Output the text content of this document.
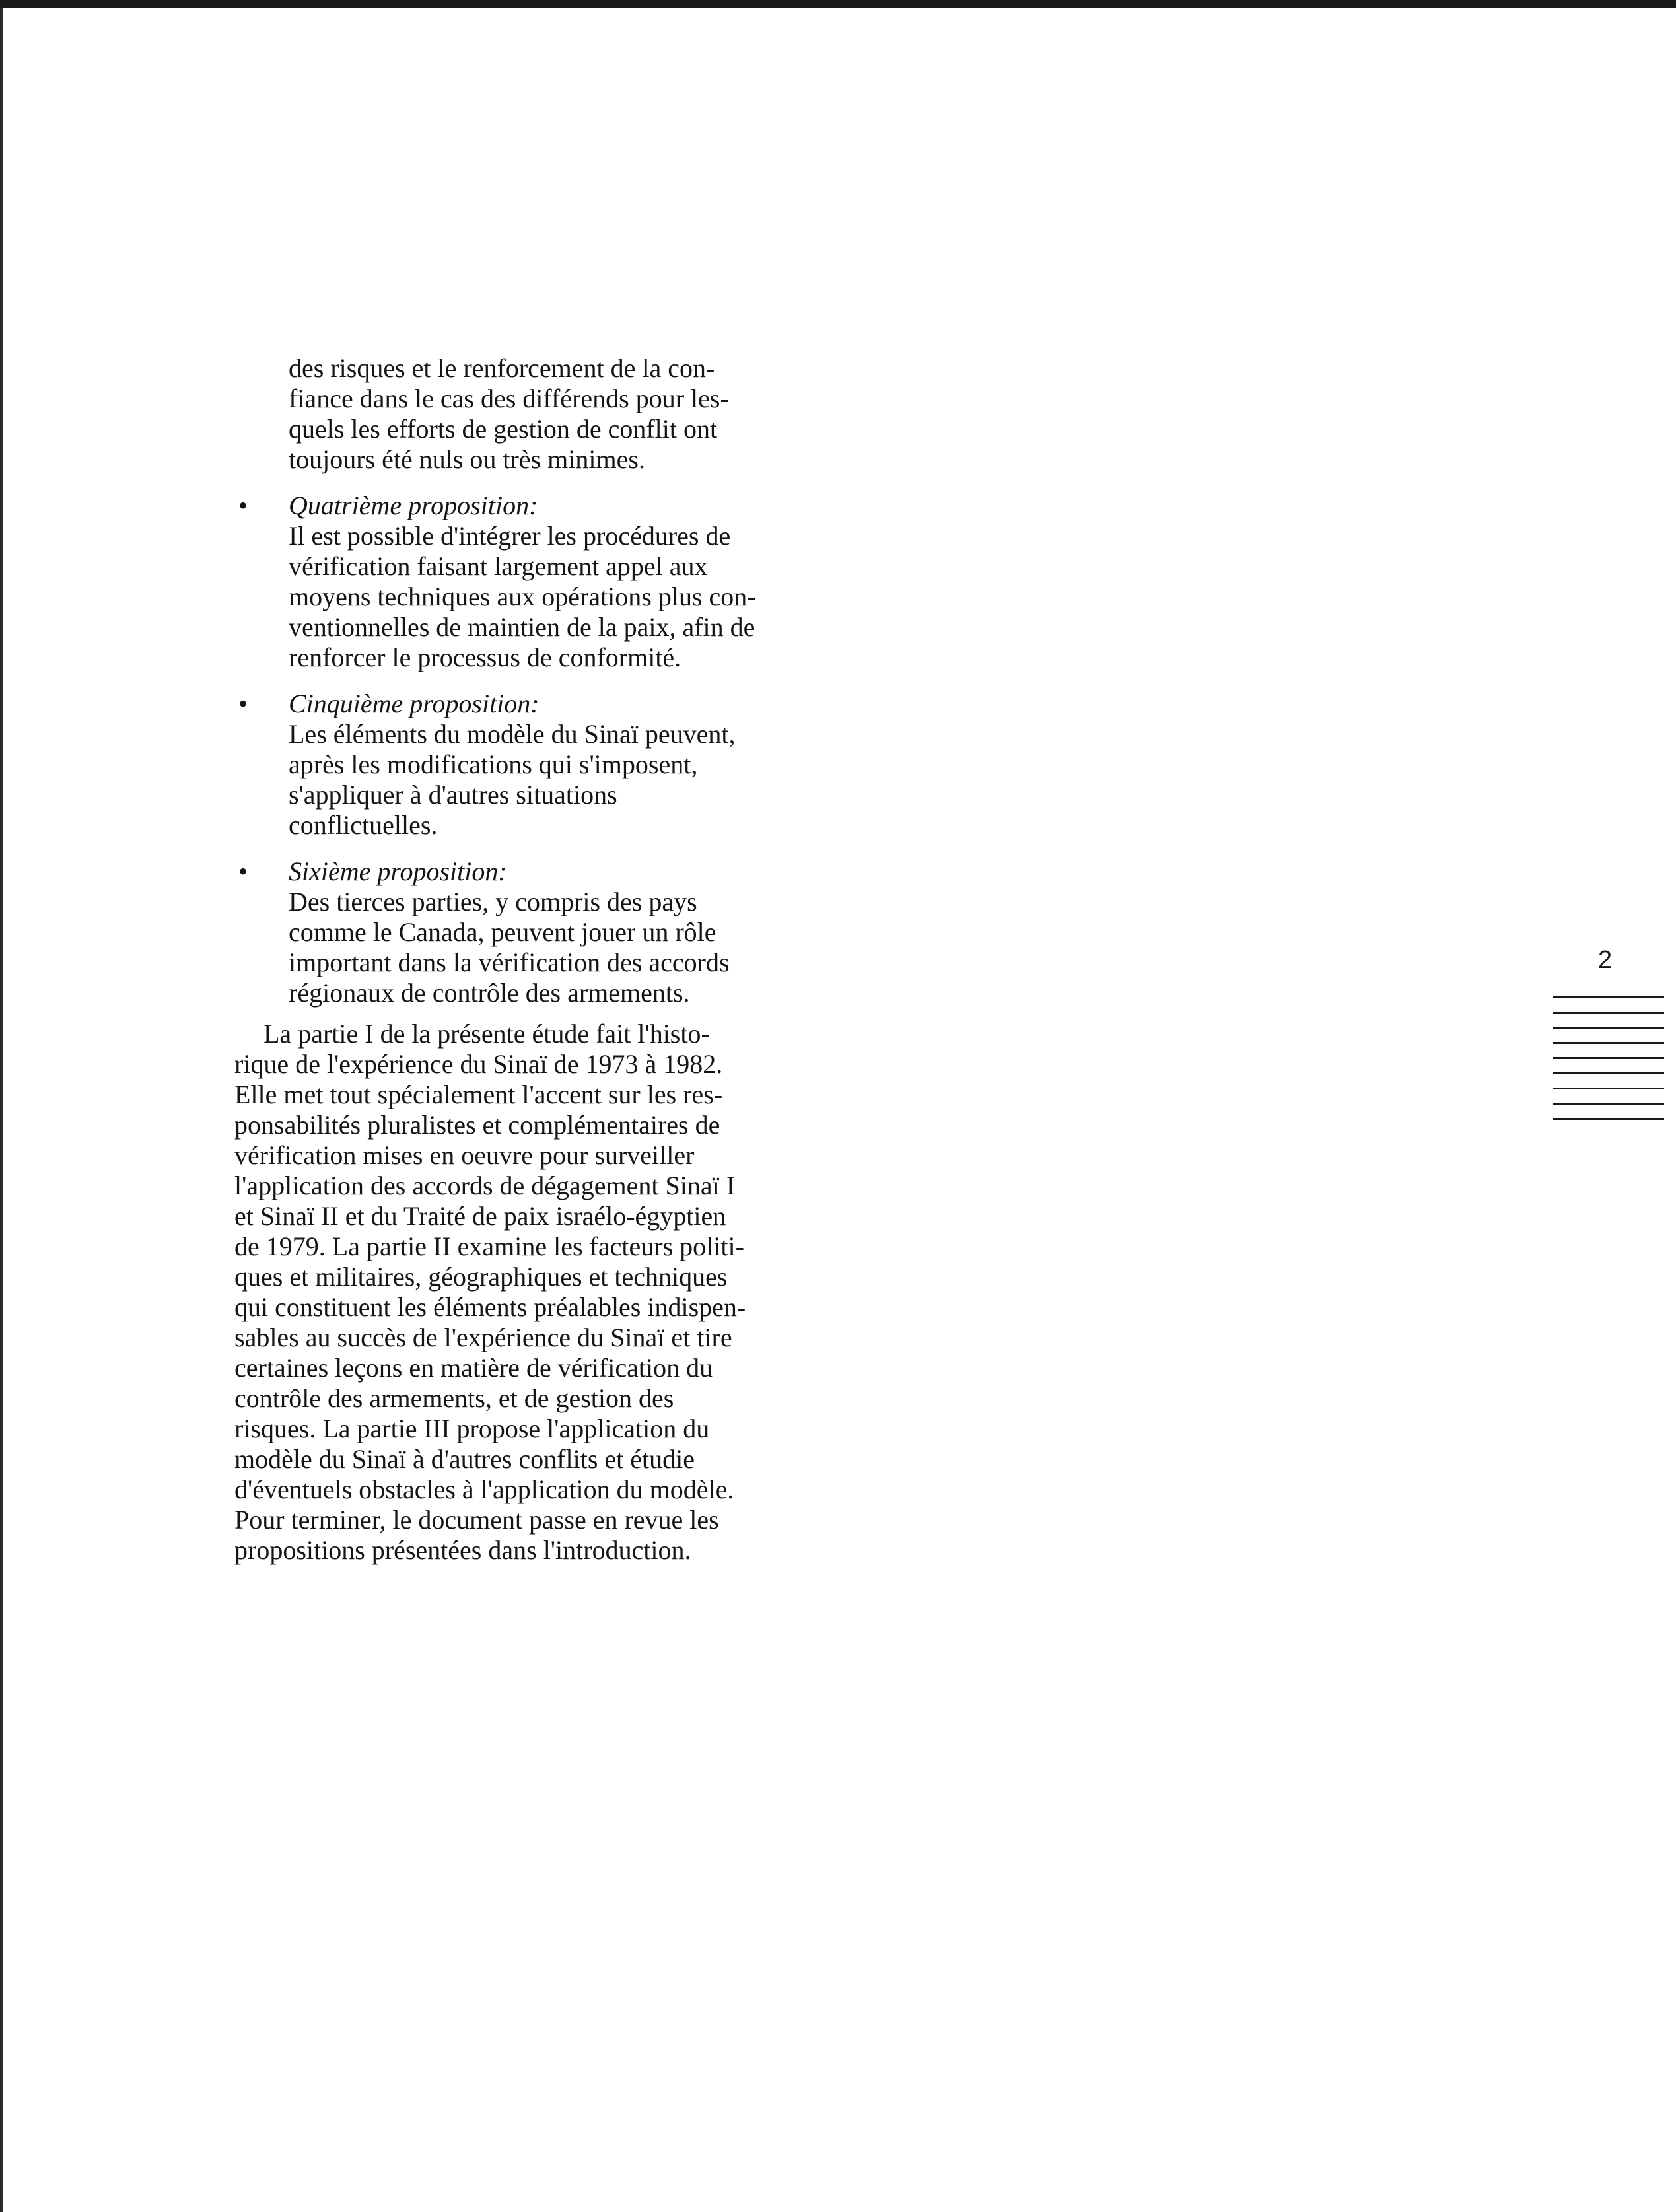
des risques et le renforcement de la con-
fiance dans le cas des différends pour les-
quels les efforts de gestion de conflit ont
toujours été nuls ou très minimes.

• Quatrième proposition:
Il est possible d'intégrer les procédures de
vérification faisant largement appel aux
moyens techniques aux opérations plus con-
ventionnelles de maintien de la paix, afin de
renforcer le processus de conformité.
• Cinquième proposition:
Les éléments du modèle du Sinaï peuvent,
après les modifications qui s'imposent,
s'appliquer à d'autres situations
conflictuelles.
• Sixième proposition:
Des tierces parties, y compris des pays
comme le Canada, peuvent jouer un rôle
important dans la vérification des accords
régionaux de contrôle des armements.

La partie I de la présente étude fait l'histo-
rique de l'expérience du Sinaï de 1973 à 1982.
Elle met tout spécialement l'accent sur les res-
ponsabilités pluralistes et complémentaires de
vérification mises en oeuvre pour surveiller
l'application des accords de dégagement Sinaï I
et Sinaï II et du Traité de paix israélo-égyptien
de 1979. La partie II examine les facteurs politi-
ques et militaires, géographiques et techniques
qui constituent les éléments préalables indispen-
sables au succès de l'expérience du Sinaï et tire
certaines leçons en matière de vérification du
contrôle des armements, et de gestion des
risques. La partie III propose l'application du
modèle du Sinaï à d'autres conflits et étudie
d'éventuels obstacles à l'application du modèle.
Pour terminer, le document passe en revue les
propositions présentées dans l'introduction.

2
